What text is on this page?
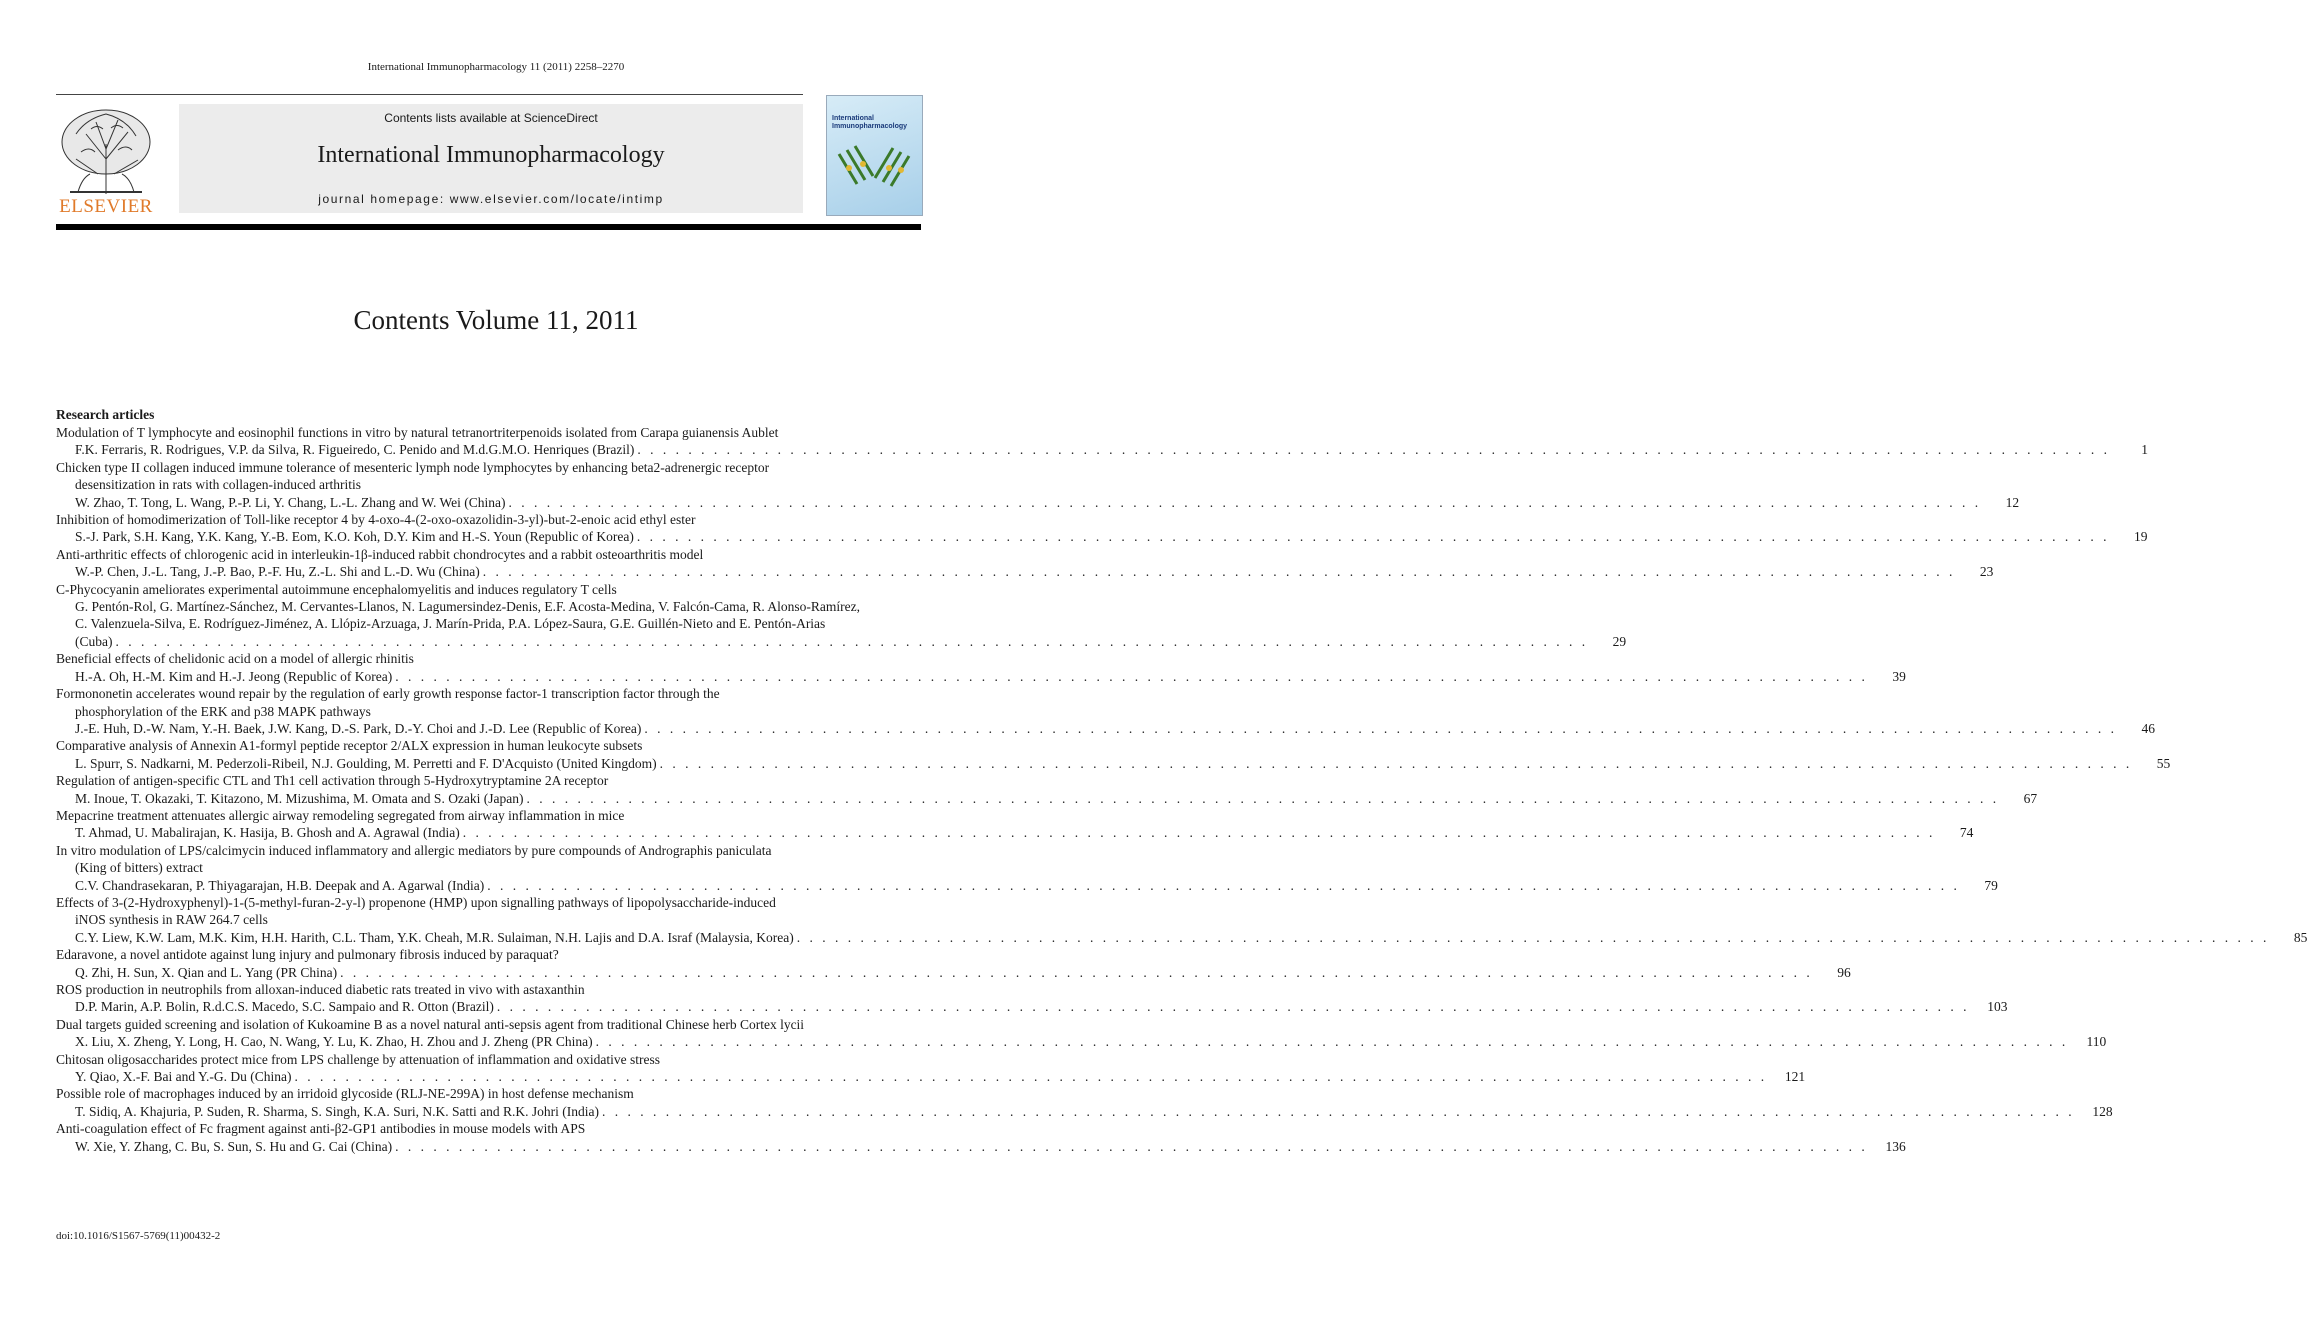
International Immunopharmacology 11 (2011) 2258–2270
ELSEVIER
Contents lists available at ScienceDirect
International Immunopharmacology
journal homepage: www.elsevier.com/locate/intimp
International
Immunopharmacology
Contents Volume 11, 2011
Research articles
Modulation of T lymphocyte and eosinophil functions in vitro by natural tetranortriterpenoids isolated from Carapa guianensis Aublet
F.K. Ferraris, R. Rodrigues, V.P. da Silva, R. Figueiredo, C. Penido and M.d.G.M.O. Henriques (Brazil) . . . . . . . . . . . . . . . . . . . . . . . . . . . . . . . . . . . . . . . . . . . . . . . . . . . . . . . . . . . . . . . . . . . . . . . . . . . . . . . . . . . . . . . . . . . . . . . . . . . . . . . . . . . . . . . . . . . .	1
Chicken type II collagen induced immune tolerance of mesenteric lymph node lymphocytes by enhancing beta2-adrenergic receptor
desensitization in rats with collagen-induced arthritis
W. Zhao, T. Tong, L. Wang, P.-P. Li, Y. Chang, L.-L. Zhang and W. Wei (China) . . . . . . . . . . . . . . . . . . . . . . . . . . . . . . . . . . . . . . . . . . . . . . . . . . . . . . . . . . . . . . . . . . . . . . . . . . . . . . . . . . . . . . . . . . . . . . . . . . . . . . . . . . . . . . . . . . . .	12
Inhibition of homodimerization of Toll-like receptor 4 by 4-oxo-4-(2-oxo-oxazolidin-3-yl)-but-2-enoic acid ethyl ester
S.-J. Park, S.H. Kang, Y.K. Kang, Y.-B. Eom, K.O. Koh, D.Y. Kim and H.-S. Youn (Republic of Korea) . . . . . . . . . . . . . . . . . . . . . . . . . . . . . . . . . . . . . . . . . . . . . . . . . . . . . . . . . . . . . . . . . . . . . . . . . . . . . . . . . . . . . . . . . . . . . . . . . . . . . . . . . . . . . . . . . . . .	19
Anti-arthritic effects of chlorogenic acid in interleukin-1β-induced rabbit chondrocytes and a rabbit osteoarthritis model
W.-P. Chen, J.-L. Tang, J.-P. Bao, P.-F. Hu, Z.-L. Shi and L.-D. Wu (China) . . . . . . . . . . . . . . . . . . . . . . . . . . . . . . . . . . . . . . . . . . . . . . . . . . . . . . . . . . . . . . . . . . . . . . . . . . . . . . . . . . . . . . . . . . . . . . . . . . . . . . . . . . . . . . . . . . . .	23
C-Phycocyanin ameliorates experimental autoimmune encephalomyelitis and induces regulatory T cells
G. Pentón-Rol, G. Martínez-Sánchez, M. Cervantes-Llanos, N. Lagumersindez-Denis, E.F. Acosta-Medina, V. Falcón-Cama, R. Alonso-Ramírez,
C. Valenzuela-Silva, E. Rodríguez-Jiménez, A. Llópiz-Arzuaga, J. Marín-Prida, P.A. López-Saura, G.E. Guillén-Nieto and E. Pentón-Arias
(Cuba) . . . . . . . . . . . . . . . . . . . . . . . . . . . . . . . . . . . . . . . . . . . . . . . . . . . . . . . . . . . . . . . . . . . . . . . . . . . . . . . . . . . . . . . . . . . . . . . . . . . . . . . . . . . . . . . . . . . .	29
Beneficial effects of chelidonic acid on a model of allergic rhinitis
H.-A. Oh, H.-M. Kim and H.-J. Jeong (Republic of Korea) . . . . . . . . . . . . . . . . . . . . . . . . . . . . . . . . . . . . . . . . . . . . . . . . . . . . . . . . . . . . . . . . . . . . . . . . . . . . . . . . . . . . . . . . . . . . . . . . . . . . . . . . . . . . . . . . . . . .	39
Formononetin accelerates wound repair by the regulation of early growth response factor-1 transcription factor through the
phosphorylation of the ERK and p38 MAPK pathways
J.-E. Huh, D.-W. Nam, Y.-H. Baek, J.W. Kang, D.-S. Park, D.-Y. Choi and J.-D. Lee (Republic of Korea) . . . . . . . . . . . . . . . . . . . . . . . . . . . . . . . . . . . . . . . . . . . . . . . . . . . . . . . . . . . . . . . . . . . . . . . . . . . . . . . . . . . . . . . . . . . . . . . . . . . . . . . . . . . . . . . . . . . .	46
Comparative analysis of Annexin A1-formyl peptide receptor 2/ALX expression in human leukocyte subsets
L. Spurr, S. Nadkarni, M. Pederzoli-Ribeil, N.J. Goulding, M. Perretti and F. D'Acquisto (United Kingdom) . . . . . . . . . . . . . . . . . . . . . . . . . . . . . . . . . . . . . . . . . . . . . . . . . . . . . . . . . . . . . . . . . . . . . . . . . . . . . . . . . . . . . . . . . . . . . . . . . . . . . . . . . . . . . . . . . . . .	55
Regulation of antigen-specific CTL and Th1 cell activation through 5-Hydroxytryptamine 2A receptor
M. Inoue, T. Okazaki, T. Kitazono, M. Mizushima, M. Omata and S. Ozaki (Japan) . . . . . . . . . . . . . . . . . . . . . . . . . . . . . . . . . . . . . . . . . . . . . . . . . . . . . . . . . . . . . . . . . . . . . . . . . . . . . . . . . . . . . . . . . . . . . . . . . . . . . . . . . . . . . . . . . . . .	67
Mepacrine treatment attenuates allergic airway remodeling segregated from airway inflammation in mice
T. Ahmad, U. Mabalirajan, K. Hasija, B. Ghosh and A. Agrawal (India) . . . . . . . . . . . . . . . . . . . . . . . . . . . . . . . . . . . . . . . . . . . . . . . . . . . . . . . . . . . . . . . . . . . . . . . . . . . . . . . . . . . . . . . . . . . . . . . . . . . . . . . . . . . . . . . . . . . .	74
In vitro modulation of LPS/calcimycin induced inflammatory and allergic mediators by pure compounds of Andrographis paniculata
(King of bitters) extract
C.V. Chandrasekaran, P. Thiyagarajan, H.B. Deepak and A. Agarwal (India) . . . . . . . . . . . . . . . . . . . . . . . . . . . . . . . . . . . . . . . . . . . . . . . . . . . . . . . . . . . . . . . . . . . . . . . . . . . . . . . . . . . . . . . . . . . . . . . . . . . . . . . . . . . . . . . . . . . .	79
Effects of 3-(2-Hydroxyphenyl)-1-(5-methyl-furan-2-y-l) propenone (HMP) upon signalling pathways of lipopolysaccharide-induced
iNOS synthesis in RAW 264.7 cells
C.Y. Liew, K.W. Lam, M.K. Kim, H.H. Harith, C.L. Tham, Y.K. Cheah, M.R. Sulaiman, N.H. Lajis and D.A. Israf (Malaysia, Korea) . . . . . . . . . . . . . . . . . . . . . . . . . . . . . . . . . . . . . . . . . . . . . . . . . . . . . . . . . . . . . . . . . . . . . . . . . . . . . . . . . . . . . . . . . . . . . . . . . . . . . . . . . . . . . . . . . . . .	85
Edaravone, a novel antidote against lung injury and pulmonary fibrosis induced by paraquat?
Q. Zhi, H. Sun, X. Qian and L. Yang (PR China) . . . . . . . . . . . . . . . . . . . . . . . . . . . . . . . . . . . . . . . . . . . . . . . . . . . . . . . . . . . . . . . . . . . . . . . . . . . . . . . . . . . . . . . . . . . . . . . . . . . . . . . . . . . . . . . . . . . .	96
ROS production in neutrophils from alloxan-induced diabetic rats treated in vivo with astaxanthin
D.P. Marin, A.P. Bolin, R.d.C.S. Macedo, S.C. Sampaio and R. Otton (Brazil) . . . . . . . . . . . . . . . . . . . . . . . . . . . . . . . . . . . . . . . . . . . . . . . . . . . . . . . . . . . . . . . . . . . . . . . . . . . . . . . . . . . . . . . . . . . . . . . . . . . . . . . . . . . . . . . . . . . .	103
Dual targets guided screening and isolation of Kukoamine B as a novel natural anti-sepsis agent from traditional Chinese herb Cortex lycii
X. Liu, X. Zheng, Y. Long, H. Cao, N. Wang, Y. Lu, K. Zhao, H. Zhou and J. Zheng (PR China) . . . . . . . . . . . . . . . . . . . . . . . . . . . . . . . . . . . . . . . . . . . . . . . . . . . . . . . . . . . . . . . . . . . . . . . . . . . . . . . . . . . . . . . . . . . . . . . . . . . . . . . . . . . . . . . . . . . .	110
Chitosan oligosaccharides protect mice from LPS challenge by attenuation of inflammation and oxidative stress
Y. Qiao, X.-F. Bai and Y.-G. Du (China) . . . . . . . . . . . . . . . . . . . . . . . . . . . . . . . . . . . . . . . . . . . . . . . . . . . . . . . . . . . . . . . . . . . . . . . . . . . . . . . . . . . . . . . . . . . . . . . . . . . . . . . . . . . . . . . . . . . .	121
Possible role of macrophages induced by an irridoid glycoside (RLJ-NE-299A) in host defense mechanism
T. Sidiq, A. Khajuria, P. Suden, R. Sharma, S. Singh, K.A. Suri, N.K. Satti and R.K. Johri (India) . . . . . . . . . . . . . . . . . . . . . . . . . . . . . . . . . . . . . . . . . . . . . . . . . . . . . . . . . . . . . . . . . . . . . . . . . . . . . . . . . . . . . . . . . . . . . . . . . . . . . . . . . . . . . . . . . . . .	128
Anti-coagulation effect of Fc fragment against anti-β2-GP1 antibodies in mouse models with APS
W. Xie, Y. Zhang, C. Bu, S. Sun, S. Hu and G. Cai (China) . . . . . . . . . . . . . . . . . . . . . . . . . . . . . . . . . . . . . . . . . . . . . . . . . . . . . . . . . . . . . . . . . . . . . . . . . . . . . . . . . . . . . . . . . . . . . . . . . . . . . . . . . . . . . . . . . . . .	136
doi:10.1016/S1567-5769(11)00432-2
